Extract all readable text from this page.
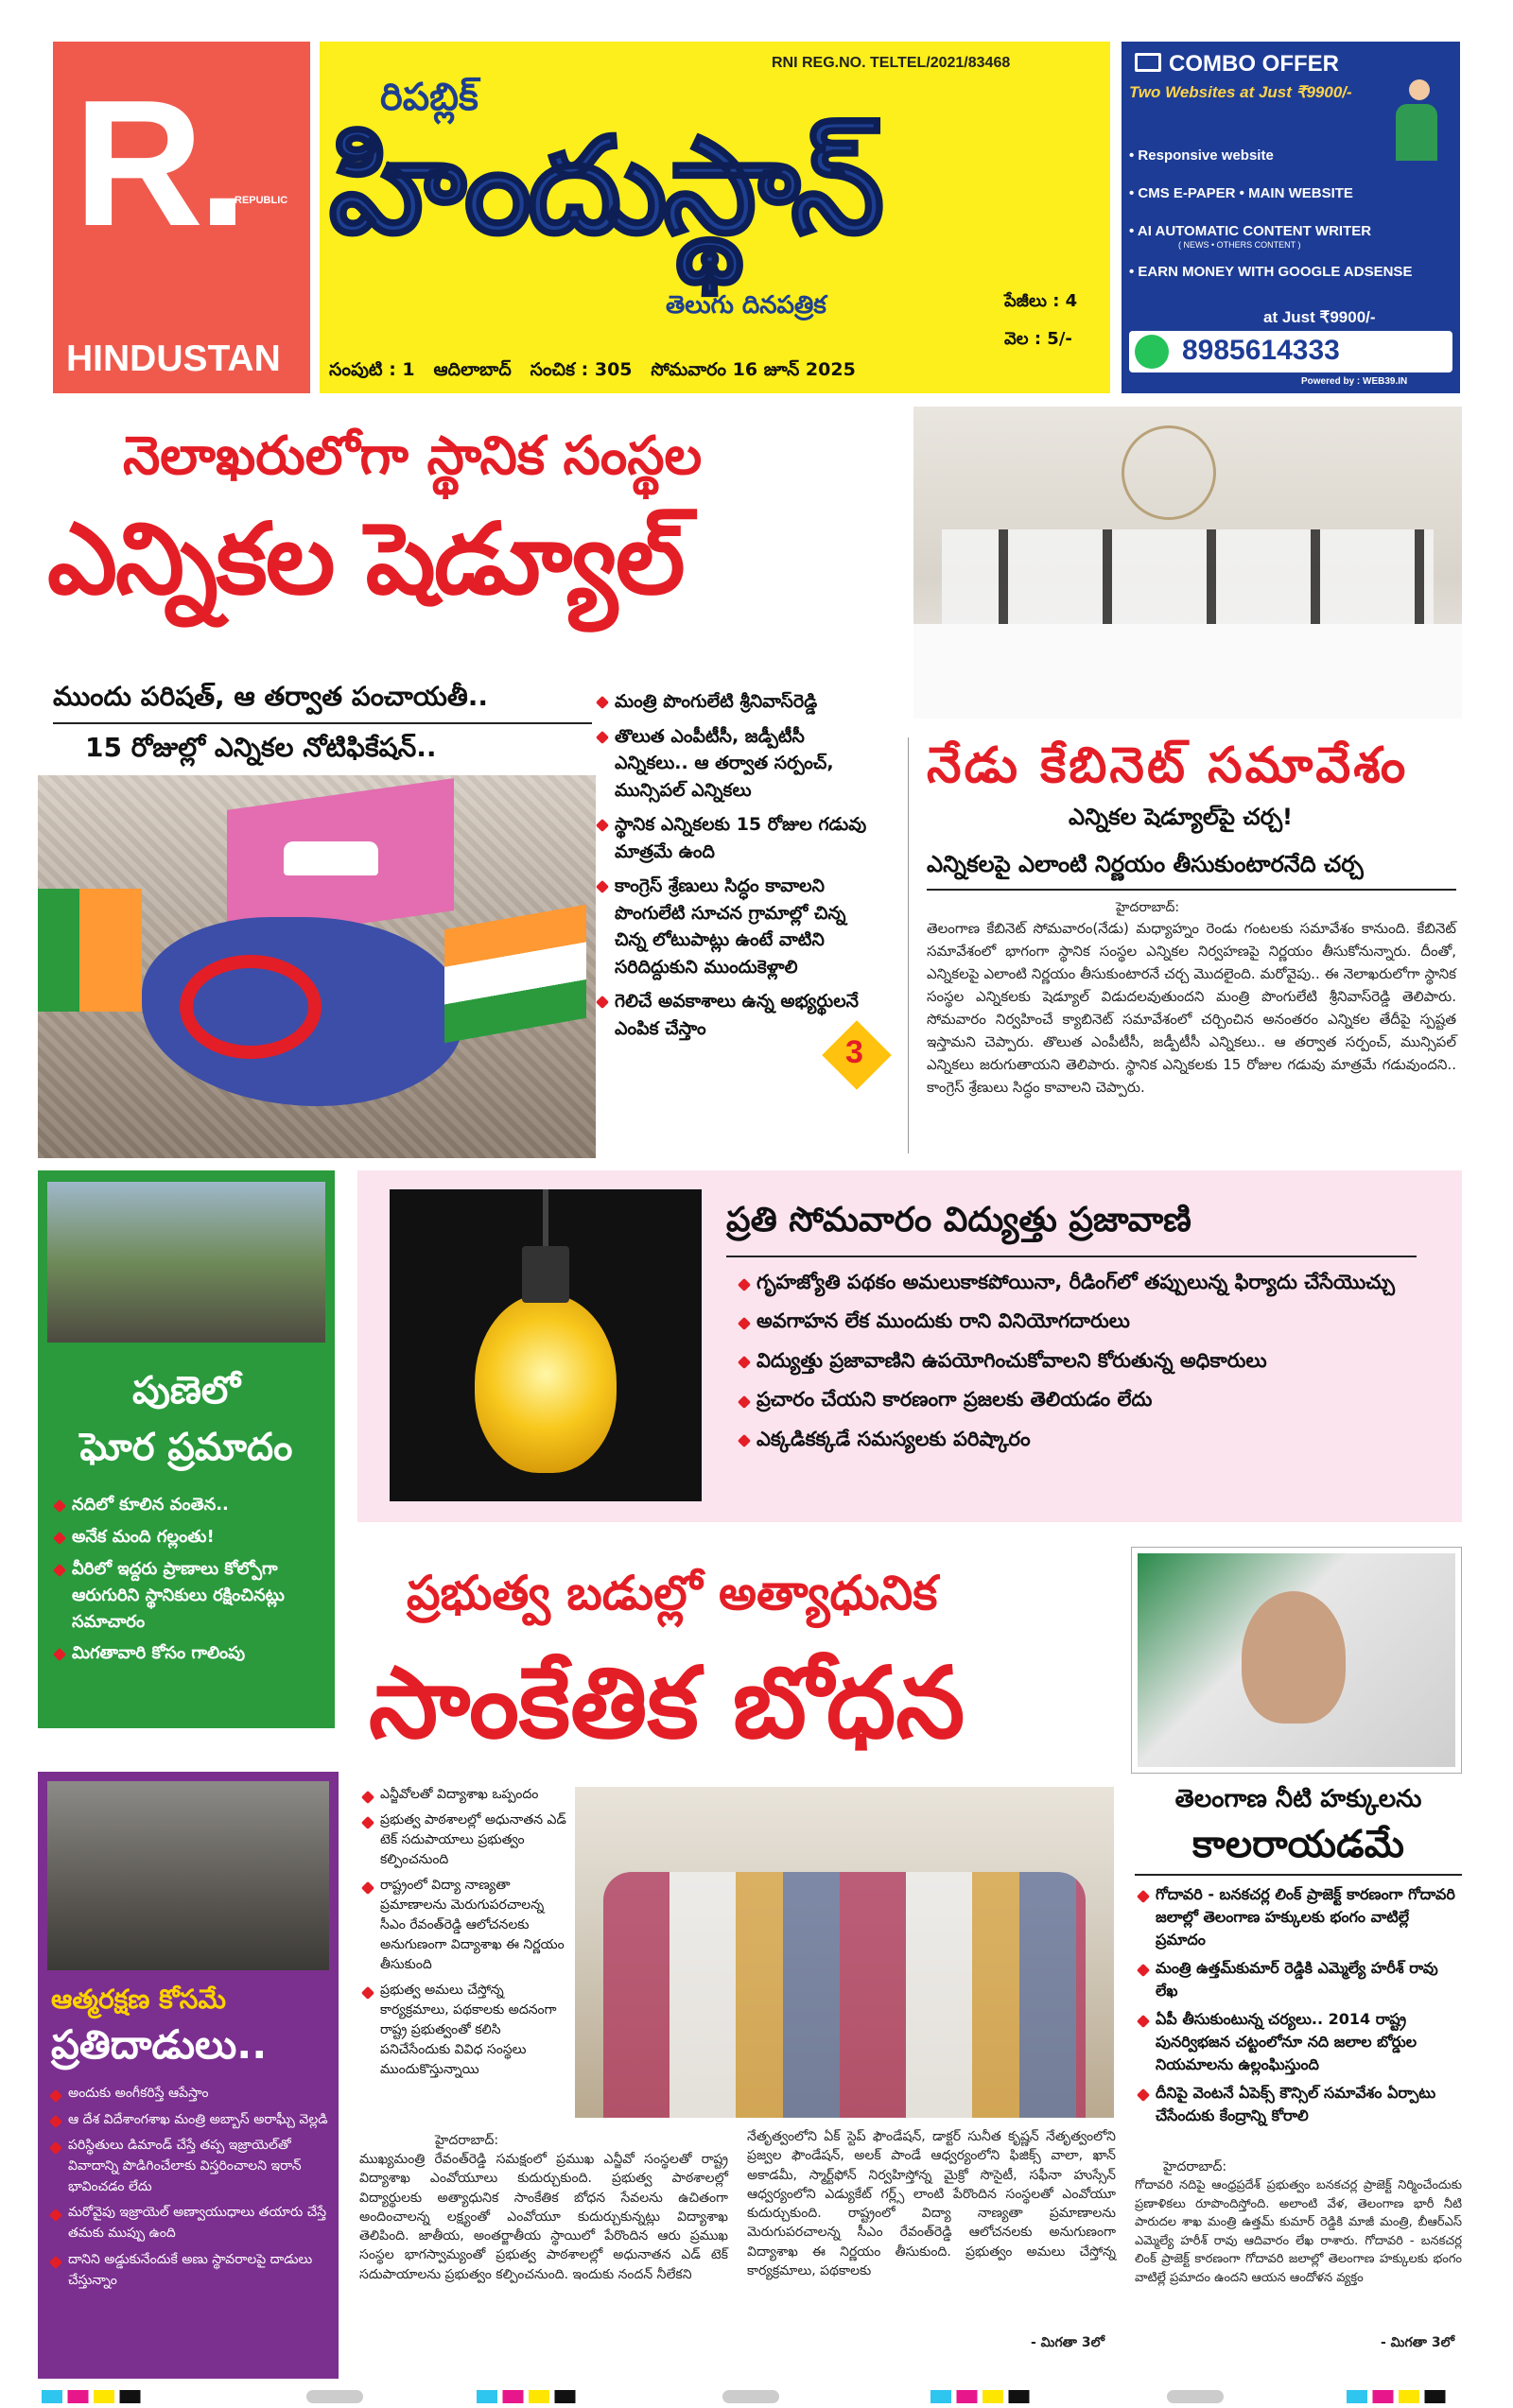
R.
REPUBLIC
HINDUSTAN
RNI REG.NO. TELTEL/2021/83468
రిపబ్లిక్
హిందుస్థాన్
తెలుగు దినపత్రిక	పేజీలు : 4
వెల : 5/-
సంపుటి : 1   ఆదిలాబాద్   సంచిక : 305   సోమవారం 16 జూన్ 2025
COMBO OFFER
Two Websites at Just ₹9900/-
• Responsive website
• CMS E-PAPER • MAIN WEBSITE
• AI AUTOMATIC CONTENT WRITER
( NEWS • OTHERS CONTENT )
• EARN MONEY WITH GOOGLE ADSENSE
at Just ₹9900/-
8985614333
Powered by : WEB39.IN
నెలాఖరులోగా స్థానిక సంస్థల
ఎన్నికల షెడ్యూల్
ముందు పరిషత్, ఆ తర్వాత పంచాయతీ..
15 రోజుల్లో ఎన్నికల నోటిఫికేషన్..
మంత్రి పొంగులేటి శ్రీనివాస్‌రెడ్డి
తొలుత ఎంపీటీసీ, జడ్పీటీసీ ఎన్నికలు.. ఆ తర్వాత సర్పంచ్, మున్సిపల్ ఎన్నికలు
స్థానిక ఎన్నికలకు 15 రోజుల గడువు మాత్రమే ఉంది
కాంగ్రెస్ శ్రేణులు సిద్ధం కావాలని పొంగులేటి సూచన గ్రామాల్లో చిన్న చిన్న లోటుపాట్లు ఉంటే వాటిని సరిదిద్దుకుని ముందుకెళ్లాలి
గెలిచే అవకాశాలు ఉన్న అభ్యర్థులనే ఎంపిక చేస్తాం
3
నేడు కేబినెట్ సమావేశం
ఎన్నికల షెడ్యూల్‌పై చర్చ!
ఎన్నికలపై ఎలాంటి నిర్ణయం తీసుకుంటారనేది చర్చ
హైదరాబాద్:
తెలంగాణ కేబినెట్ సోమవారం(నేడు) మధ్యాహ్నం రెండు గంటలకు సమావేశం కానుంది. కేబినెట్ సమావేశంలో భాగంగా స్థానిక సంస్థల ఎన్నికల నిర్వహణపై నిర్ణయం తీసుకోనున్నారు. దీంతో, ఎన్నికలపై ఎలాంటి నిర్ణయం తీసుకుంటారనే చర్చ మొదలైంది. మరోవైపు.. ఈ నెలాఖరులోగా స్థానిక సంస్థల ఎన్నికలకు షెడ్యూల్ విడుదలవుతుందని మంత్రి పొంగులేటి శ్రీనివాస్‌రెడ్డి తెలిపారు. సోమవారం నిర్వహించే క్యాబినెట్ సమావేశంలో చర్చించిన అనంతరం ఎన్నికల తేదీపై స్పష్టత ఇస్తామని చెప్పారు. తొలుత ఎంపీటీసీ, జడ్పీటీసీ ఎన్నికలు.. ఆ తర్వాత సర్పంచ్, మున్సిపల్ ఎన్నికలు జరుగుతాయని తెలిపారు. స్థానిక ఎన్నికలకు 15 రోజుల గడువు మాత్రమే గడువుందని.. కాంగ్రెస్ శ్రేణులు సిద్ధం కావాలని చెప్పారు.
పుణెలో
ఘోర ప్రమాదం
నదిలో కూలిన వంతెన..
అనేక మంది గల్లంతు!
వీరిలో ఇద్దరు ప్రాణాలు కోల్పోగా ఆరుగురిని స్థానికులు రక్షించినట్లు సమాచారం
మిగతావారి కోసం గాలింపు
ప్రతి సోమవారం విద్యుత్తు ప్రజావాణి
గృహజ్యోతి పథకం అమలుకాకపోయినా, రీడింగ్‌లో తప్పులున్న ఫిర్యాదు చేసేయొచ్చు
అవగాహన లేక ముందుకు రాని వినియోగదారులు
విద్యుత్తు ప్రజావాణిని ఉపయోగించుకోవాలని కోరుతున్న అధికారులు
ప్రచారం చేయని కారణంగా ప్రజలకు తెలియడం లేదు
ఎక్కడికక్కడే సమస్యలకు పరిష్కారం
ప్రభుత్వ బడుల్లో అత్యాధునిక
సాంకేతిక బోధన
ఎన్జీవోలతో విద్యాశాఖ ఒప్పందం
ప్రభుత్వ పాఠశాలల్లో అధునాతన ఎడ్ టెక్ సదుపాయాలు ప్రభుత్వం కల్పించనుంది
రాష్ట్రంలో విద్యా నాణ్యతా ప్రమాణాలను మెరుగుపరచాలన్న సీఎం రేవంత్‌రెడ్డి ఆలోచనలకు అనుగుణంగా విద్యాశాఖ ఈ నిర్ణయం తీసుకుంది
ప్రభుత్వ అమలు చేస్తోన్న కార్యక్రమాలు, పథకాలకు అదనంగా రాష్ట్ర ప్రభుత్వంతో కలిసి పనిచేసేందుకు వివిధ సంస్థలు ముందుకొస్తున్నాయి
హైదరాబాద్:
ముఖ్యమంత్రి రేవంత్‌రెడ్డి సమక్షంలో ప్రముఖ ఎన్జీవో సంస్థలతో రాష్ట్ర విద్యాశాఖ ఎంవోయూలు కుదుర్చుకుంది. ప్రభుత్వ పాఠశాలల్లో విద్యార్థులకు అత్యాధునిక సాంకేతిక బోధన సేవలను ఉచితంగా అందించాలన్న లక్ష్యంతో ఎంవోయూ కుదుర్చుకున్నట్లు విద్యాశాఖ తెలిపింది. జాతీయ, అంతర్జాతీయ స్థాయిలో పేరొందిన ఆరు ప్రముఖ సంస్థల భాగస్వామ్యంతో ప్రభుత్వ పాఠశాలల్లో అధునాతన ఎడ్ టెక్ సదుపాయాలను ప్రభుత్వం కల్పించనుంది. ఇందుకు నందన్ నీలేకని
నేతృత్వంలోని ఏక్ స్టెప్ ఫౌండేషన్, డాక్టర్ సునీత కృష్ణన్ నేతృత్వంలోని ప్రజ్వల ఫౌండేషన్, అలక్ పాండే ఆధ్వర్యంలోని ఫిజిక్స్ వాలా, ఖాన్ అకాడమీ, స్మార్ట్‌ఫోన్ నిర్వహిస్తోన్న మైక్రో సొసైటీ, సఫీనా హుస్సేన్ ఆధ్వర్యంలోని ఎడ్యుకేట్ గర్ల్స్ లాంటి పేరొందిన సంస్థలతో ఎంవోయూ కుదుర్చుకుంది. రాష్ట్రంలో విద్యా నాణ్యతా ప్రమాణాలను మెరుగుపరచాలన్న సీఎం రేవంత్‌రెడ్డి ఆలోచనలకు అనుగుణంగా విద్యాశాఖ ఈ నిర్ణయం తీసుకుంది. ప్రభుత్వం అమలు చేస్తోన్న కార్యక్రమాలు, పథకాలకు
- మిగతా 3లో
ఆత్మరక్షణ కోసమే
ప్రతిదాడులు..
అందుకు అంగీకరిస్తే ఆపేస్తాం
ఆ దేశ విదేశాంగశాఖ మంత్రి అబ్బాస్ అరాఘ్చీ వెల్లడి
పరిస్థితులు డిమాండ్ చేస్తే తప్ప ఇజ్రాయెల్‌తో వివాదాన్ని పొడిగించేలాకు విస్తరించాలని ఇరాన్ భావించడం లేదు
మరోవైపు ఇజ్రాయెల్ అణ్వాయుధాలు తయారు చేస్తే తమకు ముప్పు ఉంది
దానిని అడ్డుకునేందుకే అణు స్థావరాలపై దాడులు చేస్తున్నాం
తెలంగాణ నీటి హక్కులను
కాలరాయడమే
గోదావరి - బనకచర్ల లింక్ ప్రాజెక్ట్ కారణంగా గోదావరి జలాల్లో తెలంగాణ హక్కులకు భంగం వాటిల్లే ప్రమాదం
మంత్రి ఉత్తమ్‌కుమార్ రెడ్డికి ఎమ్మెల్యే హరీశ్ రావు లేఖ
ఏపీ తీసుకుంటున్న చర్యలు.. 2014 రాష్ట్ర పునర్విభజన చట్టంలోనూ నది జలాల బోర్డుల నియమాలను ఉల్లంఘిస్తుంది
దీనిపై వెంటనే ఏపెక్స్ కౌన్సిల్ సమావేశం ఏర్పాటు చేసేందుకు కేంద్రాన్ని కోరాలి
హైదరాబాద్:
గోదావరి నదిపై ఆంధ్రప్రదేశ్ ప్రభుత్వం బనకచర్ల ప్రాజెక్ట్ నిర్మించేందుకు ప్రణాళికలు రూపొందిస్తోంది. అలాంటి వేళ, తెలంగాణ భారీ నీటి పారుదల శాఖ మంత్రి ఉత్తమ్ కుమార్ రెడ్డికి మాజీ మంత్రి, బీఆర్ఎస్ ఎమ్మెల్యే హరీశ్ రావు ఆదివారం లేఖ రాశారు. గోదావరి - బనకచర్ల లింక్ ప్రాజెక్ట్ కారణంగా గోదావరి జలాల్లో తెలంగాణ హక్కులకు భంగం వాటిల్లే ప్రమాదం ఉందని ఆయన ఆందోళన వ్యక్తం
- మిగతా 3లో
